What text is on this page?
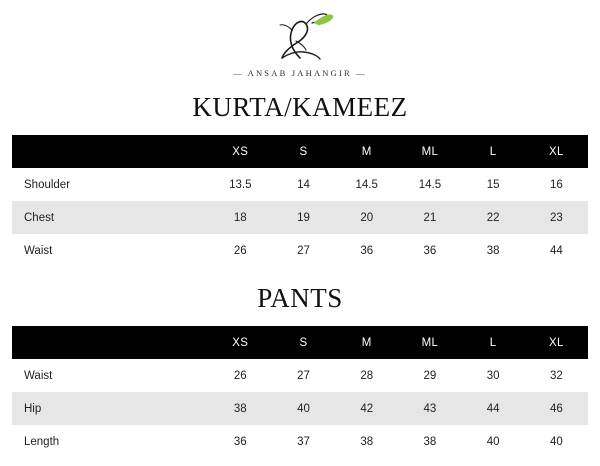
— ANSAB JAHANGIR —
KURTA/KAMEEZ
	XS	S	M	ML	L	XL
Shoulder	13.5	14	14.5	14.5	15	16
Chest	18	19	20	21	22	23
Waist	26	27	36	36	38	44
PANTS
	XS	S	M	ML	L	XL
Waist	26	27	28	29	30	32
Hip	38	40	42	43	44	46
Length	36	37	38	38	40	40
